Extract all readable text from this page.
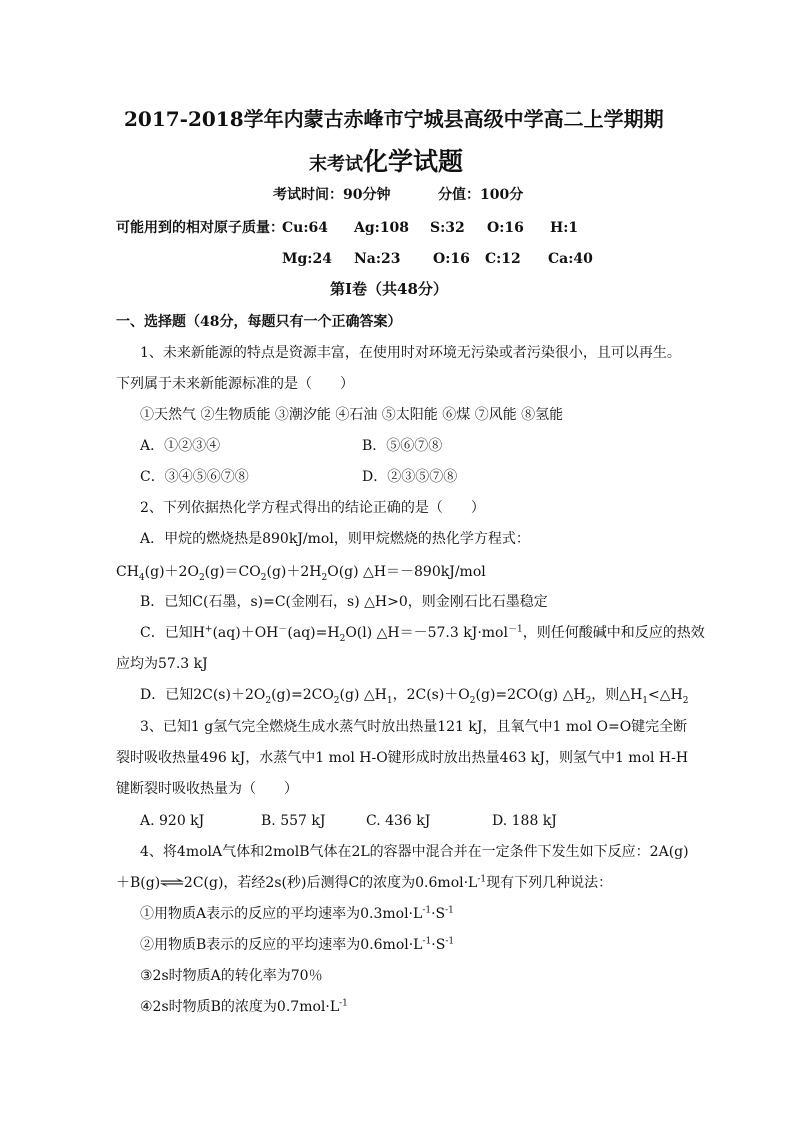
2017-2018学年内蒙古赤峰市宁城县高级中学高二上学期期
末考试化学试题
考试时间：90分钟	分值：100分
可能用到的相对原子质量：
Cu:64 Ag:108 S:32 O:16 H:1
Mg:24 Na:23 O:16 C:12 Ca:40
第Ⅰ卷（共48分）
一、选择题（48分，每题只有一个正确答案）
1、未来新能源的特点是资源丰富，在使用时对环境无污染或者污染很小，且可以再生。
下列属于未来新能源标准的是（　　）
①天然气 ②生物质能 ③潮汐能 ④石油 ⑤太阳能 ⑥煤 ⑦风能 ⑧氢能
A．①②③④	B．⑤⑥⑦⑧
C．③④⑤⑥⑦⑧	D．②③⑤⑦⑧
2、下列依据热化学方程式得出的结论正确的是（　　）
A．甲烷的燃烧热是890kJ/mol，则甲烷燃烧的热化学方程式：
$CH_4(g)+2O_2(g)=CO_2(g)+2H_2O(g)$ △H＝－890kJ/mol
B．已知C(石墨，s)=C(金刚石，s) △H>0，则金刚石比石墨稳定
C．已知$H^+(aq)+OH^-(aq)=H_2O(l)$ △H＝－57.3 kJ·mol$^{-1}$，则任何酸碱中和反应的热效
应均为57.3 kJ
D．已知$2C(s)+2O_2(g)=2CO_2(g)$ $\triangle H_1$，$2C(s)+O_2(g)=2CO(g)$ $\triangle H_2$，则$\triangle H_1<\triangle H_2$
3、已知1 g氢气完全燃烧生成水蒸气时放出热量121 kJ，且氧气中1 mol O=O键完全断
裂时吸收热量496 kJ，水蒸气中1 mol H-O键形成时放出热量463 kJ，则氢气中1 mol H-H
键断裂时吸收热量为（　　）
A. 920 kJ	B. 557 kJ	C. 436 kJ	D. 188 kJ
4、将4molA气体和2molB气体在2L的容器中混合并在一定条件下发生如下反应：2A(g)
＋B(g)⇌2C(g)，若经2s(秒)后测得C的浓度为$0.6mol\cdot L^{-1}$现有下列几种说法：
①用物质A表示的反应的平均速率为$0.3mol\cdot L^{-1}\cdot S^{-1}$
②用物质B表示的反应的平均速率为$0.6mol\cdot L^{-1}\cdot S^{-1}$
③2s时物质A的转化率为70％
④2s时物质B的浓度为$0.7mol\cdot L^{-1}$
